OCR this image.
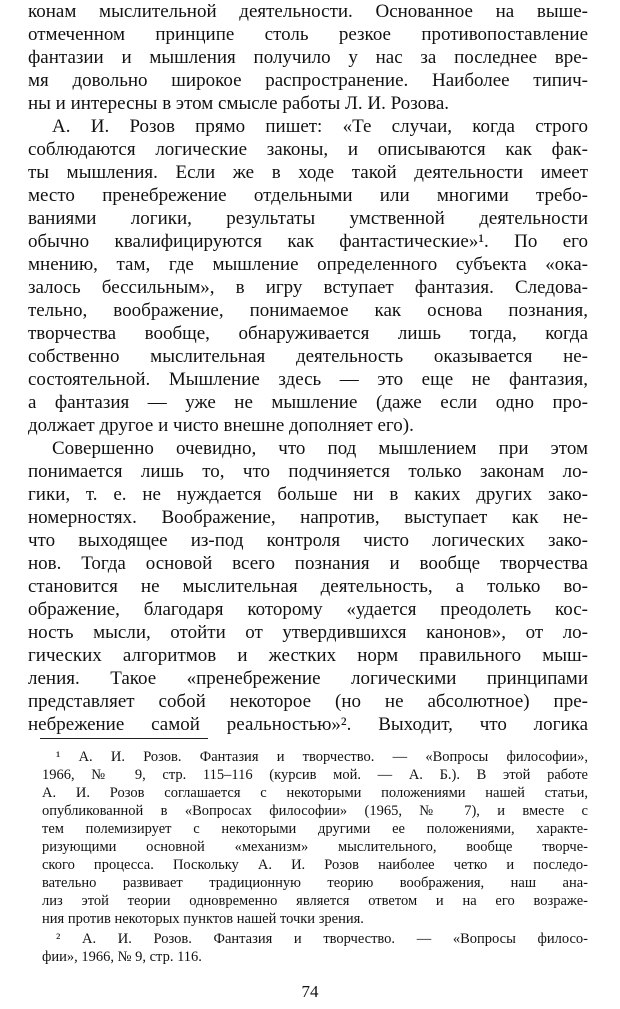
конам мыслительной деятельности. Основанное на выше-
отмеченном принципе столь резкое противопоставление
фантазии и мышления получило у нас за последнее вре-
мя довольно широкое распространение. Наиболее типич-
ны и интересны в этом смысле работы Л. И. Розова.
А. И. Розов прямо пишет: «Те случаи, когда строго
соблюдаются логические законы, и описываются как фак-
ты мышления. Если же в ходе такой деятельности имеет
место пренебрежение отдельными или многими требо-
ваниями логики, результаты умственной деятельности
обычно квалифицируются как фантастические»¹. По его
мнению, там, где мышление определенного субъекта «ока-
залось бессильным», в игру вступает фантазия. Следова-
тельно, воображение, понимаемое как основа познания,
творчества вообще, обнаруживается лишь тогда, когда
собственно мыслительная деятельность оказывается не-
состоятельной. Мышление здесь — это еще не фантазия,
а фантазия — уже не мышление (даже если одно про-
должает другое и чисто внешне дополняет его).
Совершенно очевидно, что под мышлением при этом
понимается лишь то, что подчиняется только законам ло-
гики, т. е. не нуждается больше ни в каких других зако-
номерностях. Воображение, напротив, выступает как не-
что выходящее из-под контроля чисто логических зако-
нов. Тогда основой всего познания и вообще творчества
становится не мыслительная деятельность, а только во-
ображение, благодаря которому «удается преодолеть кос-
ность мысли, отойти от утвердившихся канонов», от ло-
гических алгоритмов и жестких норм правильного мыш-
ления. Такое «пренебрежение логическими принципами
представляет собой некоторое (но не абсолютное) пре-
небрежение самой реальностью»². Выходит, что логика
¹ А. И. Розов. Фантазия и творчество. — «Вопросы философии»,
1966, № 9, стр. 115–116 (курсив мой. — А. Б.). В этой работе
А. И. Розов соглашается с некоторыми положениями нашей статьи,
опубликованной в «Вопросах философии» (1965, № 7), и вместе с
тем полемизирует с некоторыми другими ее положениями, характе-
ризующими основной «механизм» мыслительного, вообще творче-
ского процесса. Поскольку А. И. Розов наиболее четко и последо-
вательно развивает традиционную теорию воображения, наш ана-
лиз этой теории одновременно является ответом и на его возраже-
ния против некоторых пунктов нашей точки зрения.
² А. И. Розов. Фантазия и творчество. — «Вопросы филосо-
фии», 1966, № 9, стр. 116.
74
